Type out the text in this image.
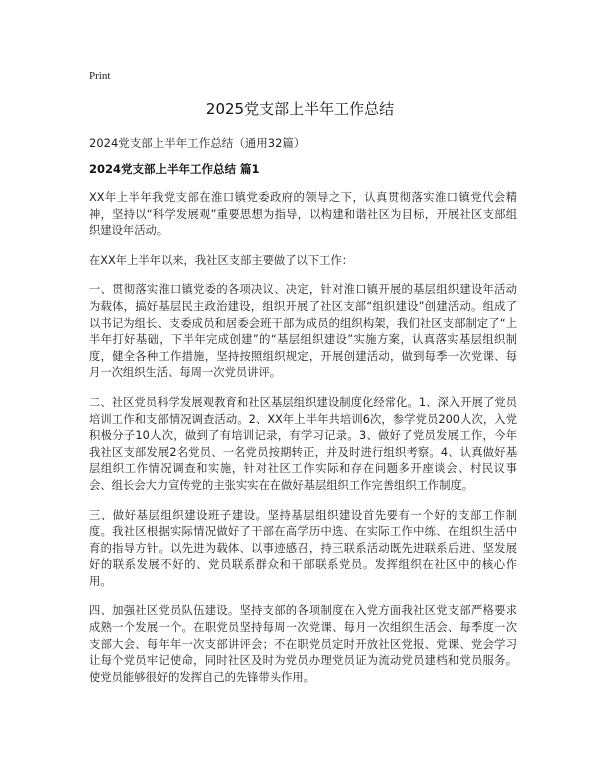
Print
2025党支部上半年工作总结

2024党支部上半年工作总结（通用32篇）

2024党支部上半年工作总结 篇1

XX年上半年我党支部在淮口镇党委政府的领导之下，认真贯彻落实淮口镇党代会精神，坚持以“科学发展观”重要思想为指导，以构建和谐社区为目标，开展社区支部组织建设年活动。

在XX年上半年以来，我社区支部主要做了以下工作：

一、贯彻落实淮口镇党委的各项决议、决定，针对淮口镇开展的基层组织建设年活动为载体，搞好基层民主政治建设，组织开展了社区支部“组织建设”创建活动。组成了以书记为组长、支委成员和居委会班干部为成员的组织构架，我们社区支部制定了“上半年打好基础，下半年完成创建”的“基层组织建设”实施方案，认真落实基层组织制度，健全各种工作措施，坚持按照组织规定，开展创建活动，做到每季一次党课、每月一次组织生活、每周一次党员讲评。

二、社区党员科学发展观教育和社区基层组织建设制度化经常化。1、深入开展了党员培训工作和支部情况调查活动。2、XX年上半年共培训6次，参学党员200人次，入党积极分子10人次，做到了有培训记录，有学习记录。3、做好了党员发展工作，今年我社区支部发展2名党员、一名党员按期转正，并及时进行组织考察。4、认真做好基层组织工作情况调查和实施，针对社区工作实际和存在问题多开座谈会、村民议事会、组长会大力宣传党的主张实实在在做好基层组织工作完善组织工作制度。

三、做好基层组织建设班子建设。坚持基层组织建设首先要有一个好的支部工作制度。我社区根据实际情况做好了干部在高学历中选、在实际工作中练、在组织生活中育的指导方针。以先进为载体、以事迹感召，持三联系活动既先进联系后进、坚发展好的联系发展不好的、党员联系群众和干部联系党员。发挥组织在社区中的核心作用。

四、加强社区党员队伍建设。坚持支部的各项制度在入党方面我社区党支部严格要求成熟一个发展一个。在职党员坚持每周一次党课、每月一次组织生活会、每季度一次支部大会、每年年一次支部讲评会；不在职党员定时开放社区党报、党课、党会学习让每个党员牢记使命，同时社区及时为党员办理党员证为流动党员建档和党员服务。使党员能够很好的发挥自己的先锋带头作用。
